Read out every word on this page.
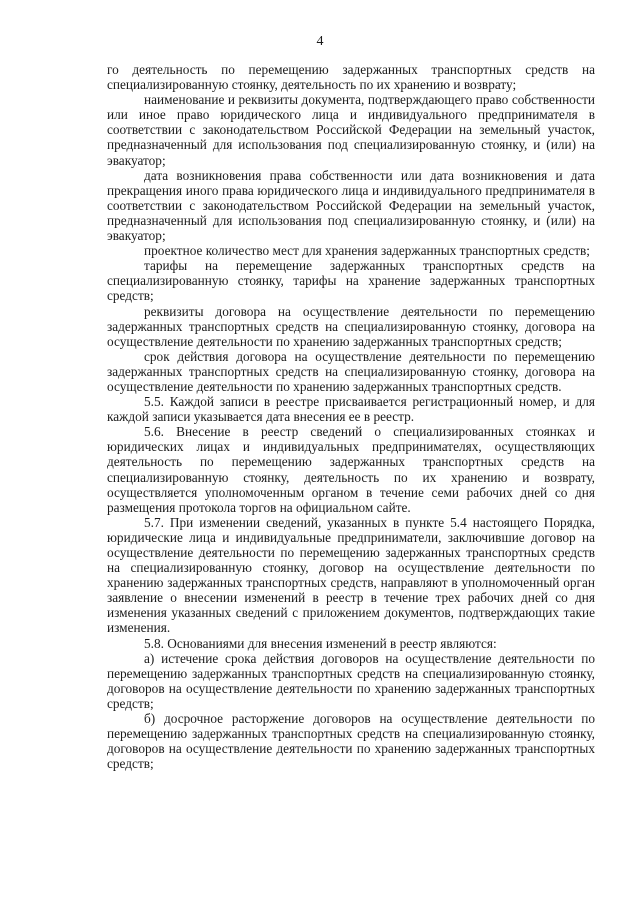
4

го деятельность по перемещению задержанных транспортных средств на специализированную стоянку, деятельность по их хранению и возврату;

наименование и реквизиты документа, подтверждающего право собственности или иное право юридического лица и индивидуального предпринимателя в соответствии с законодательством Российской Федерации на земельный участок, предназначенный для использования под специализированную стоянку, и (или) на эвакуатор;

дата возникновения права собственности или дата возникновения и дата прекращения иного права юридического лица и индивидуального предпринимателя в соответствии с законодательством Российской Федерации на земельный участок, предназначенный для использования под специализированную стоянку, и (или) на эвакуатор;

проектное количество мест для хранения задержанных транспортных средств;

тарифы на перемещение задержанных транспортных средств на специализированную стоянку, тарифы на хранение задержанных транспортных средств;

реквизиты договора на осуществление деятельности по перемещению задержанных транспортных средств на специализированную стоянку, договора на осуществление деятельности по хранению задержанных транспортных средств;

срок действия договора на осуществление деятельности по перемещению задержанных транспортных средств на специализированную стоянку, договора на осуществление деятельности по хранению задержанных транспортных средств.

5.5. Каждой записи в реестре присваивается регистрационный номер, и для каждой записи указывается дата внесения ее в реестр.

5.6. Внесение в реестр сведений о специализированных стоянках и юридических лицах и индивидуальных предпринимателях, осуществляющих деятельность по перемещению задержанных транспортных средств на специализированную стоянку, деятельность по их хранению и возврату, осуществляется уполномоченным органом в течение семи рабочих дней со дня размещения протокола торгов на официальном сайте.

5.7. При изменении сведений, указанных в пункте 5.4 настоящего Порядка, юридические лица и индивидуальные предприниматели, заключившие договор на осуществление деятельности по перемещению задержанных транспортных средств на специализированную стоянку, договор на осуществление деятельности по хранению задержанных транспортных средств, направляют в уполномоченный орган заявление о внесении изменений в реестр в течение трех рабочих дней со дня изменения указанных сведений с приложением документов, подтверждающих такие изменения.

5.8. Основаниями для внесения изменений в реестр являются:

а) истечение срока действия договоров на осуществление деятельности по перемещению задержанных транспортных средств на специализированную стоянку, договоров на осуществление деятельности по хранению задержанных транспортных средств;

б) досрочное расторжение договоров на осуществление деятельности по перемещению задержанных транспортных средств на специализированную стоянку, договоров на осуществление деятельности по хранению задержанных транспортных средств;
